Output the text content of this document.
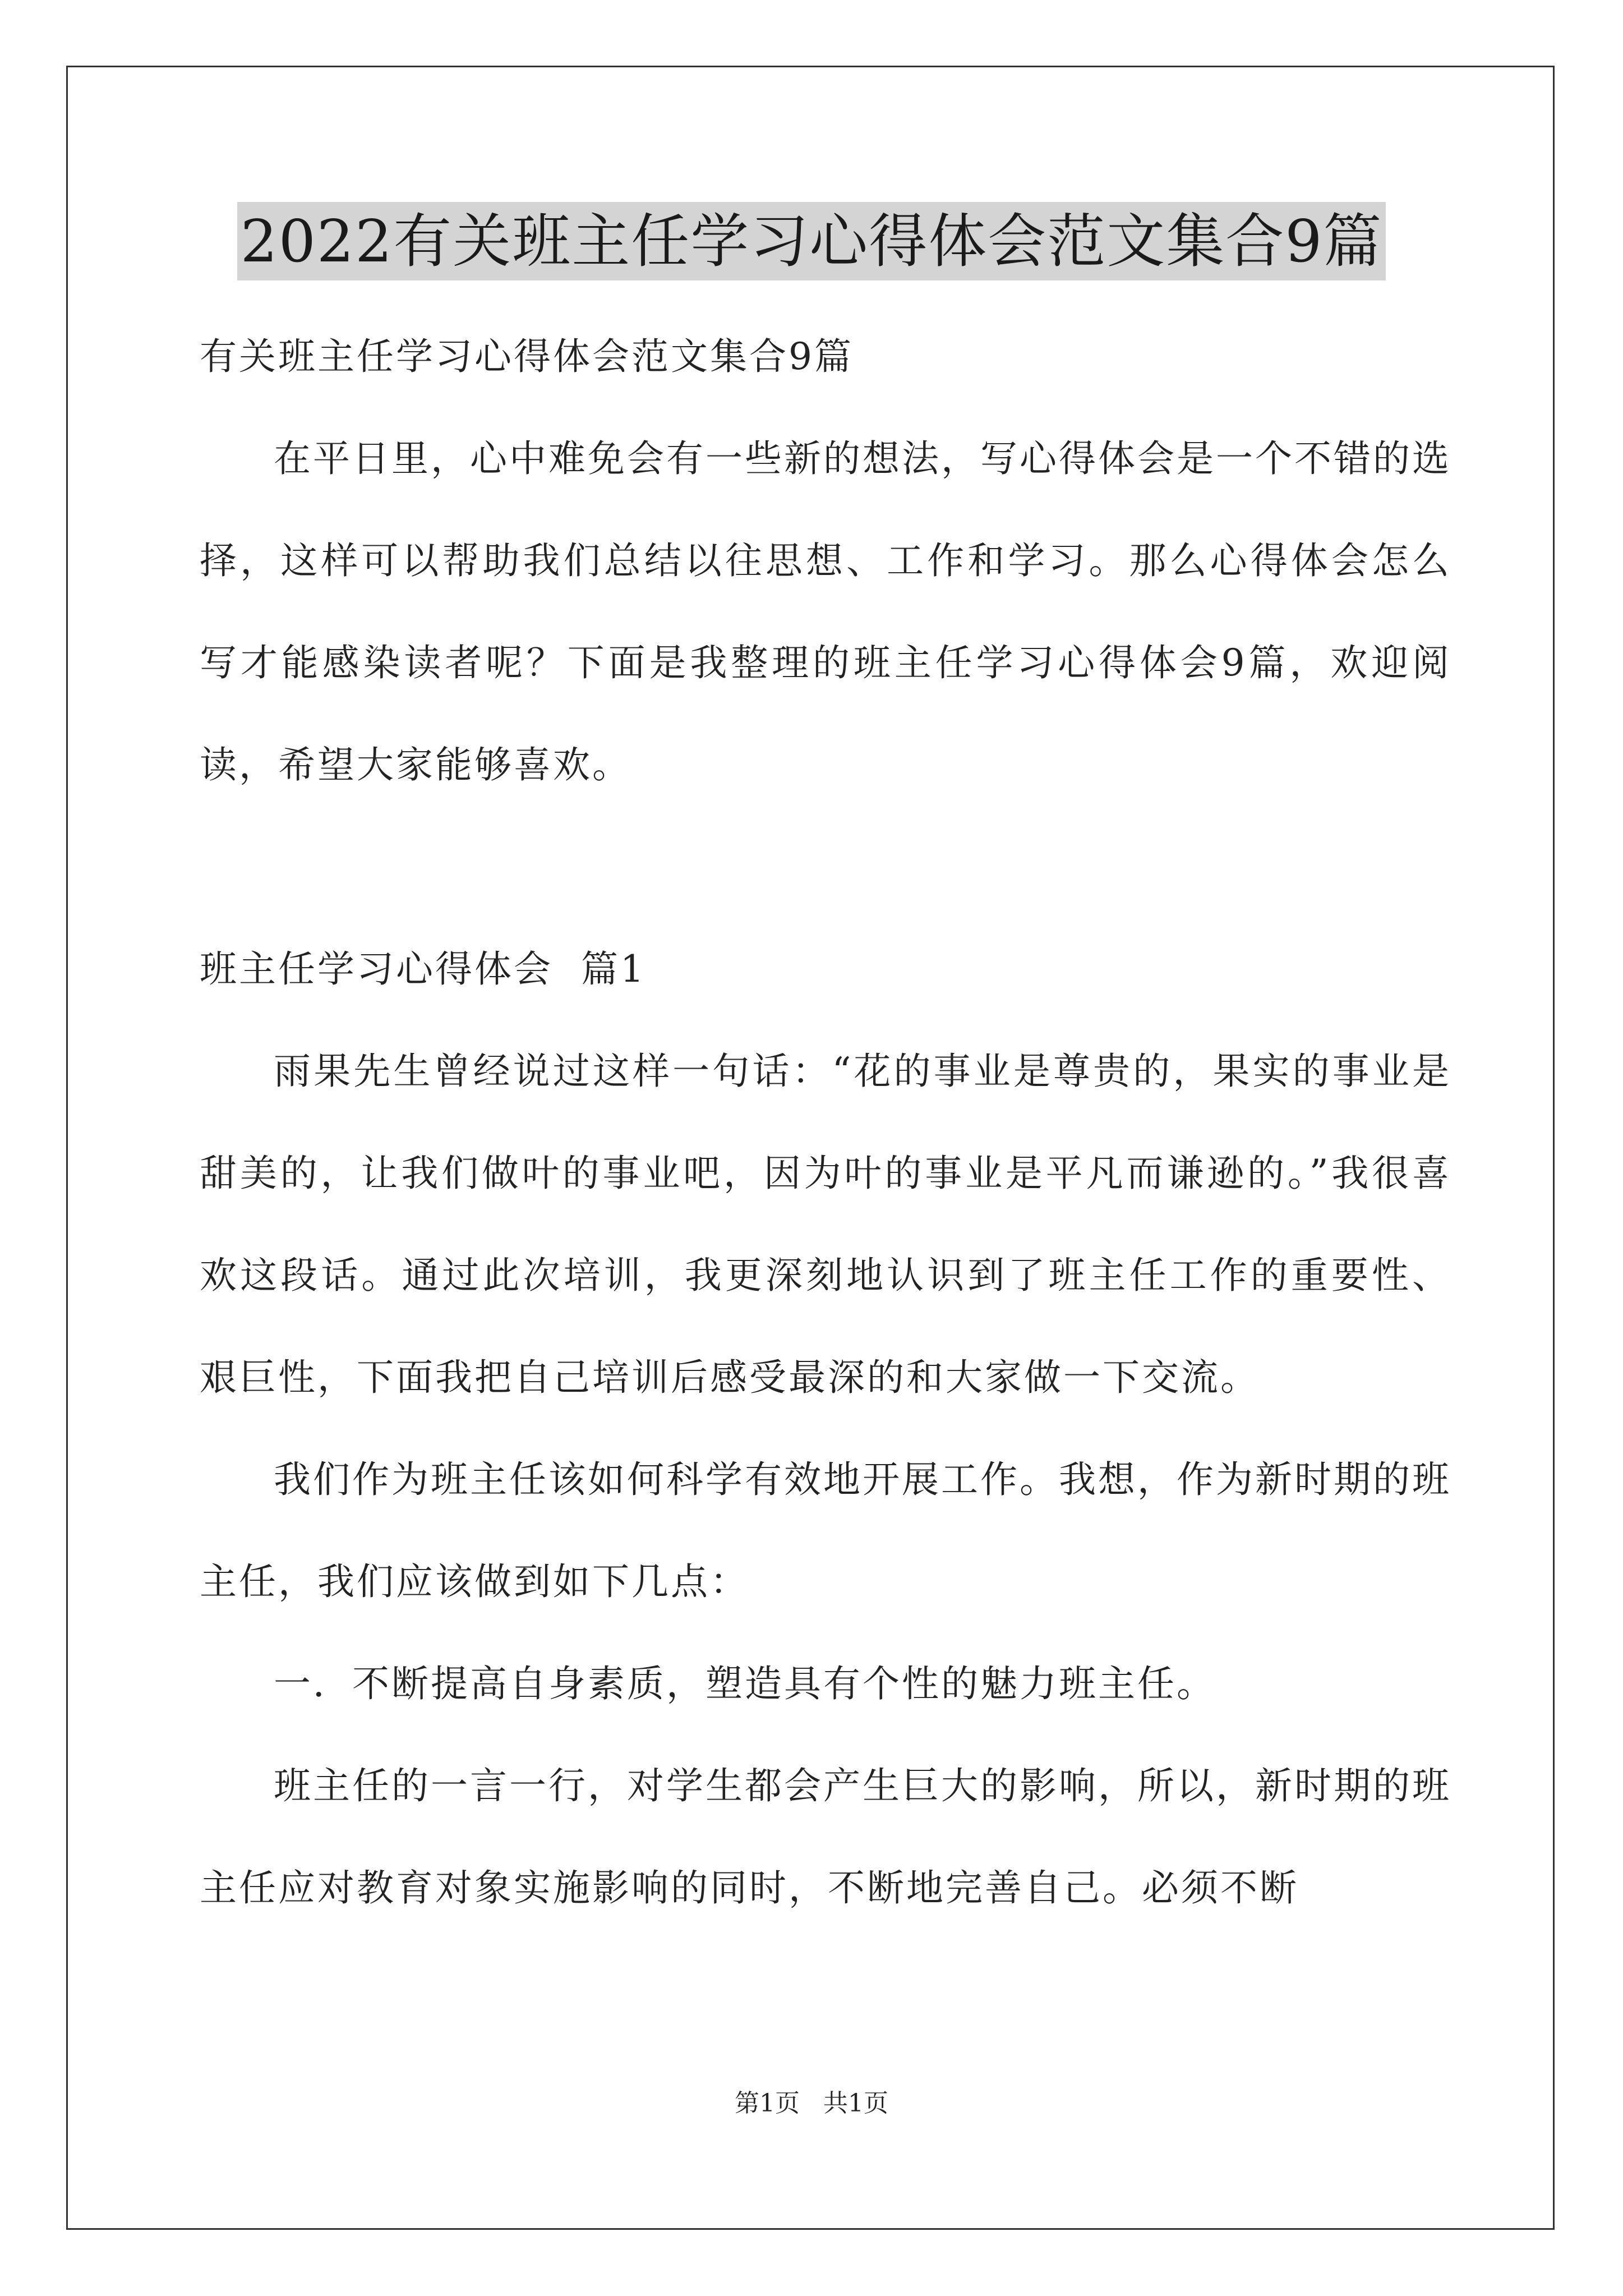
2022有关班主任学习心得体会范文集合9篇

有关班主任学习心得体会范文集合9篇

在平日里，心中难免会有一些新的想法，写心得体会是一个不错的选择，这样可以帮助我们总结以往思想、工作和学习。那么心得体会怎么写才能感染读者呢？下面是我整理的班主任学习心得体会9篇，欢迎阅读，希望大家能够喜欢。

班主任学习心得体会  篇1

雨果先生曾经说过这样一句话：“花的事业是尊贵的，果实的事业是甜美的，让我们做叶的事业吧，因为叶的事业是平凡而谦逊的。”我很喜欢这段话。通过此次培训，我更深刻地认识到了班主任工作的重要性、艰巨性，下面我把自己培训后感受最深的和大家做一下交流。

我们作为班主任该如何科学有效地开展工作。我想，作为新时期的班主任，我们应该做到如下几点：

一．不断提高自身素质，塑造具有个性的魅力班主任。

班主任的一言一行，对学生都会产生巨大的影响，所以，新时期的班主任应对教育对象实施影响的同时，不断地完善自己。必须不断

第1页   共1页
